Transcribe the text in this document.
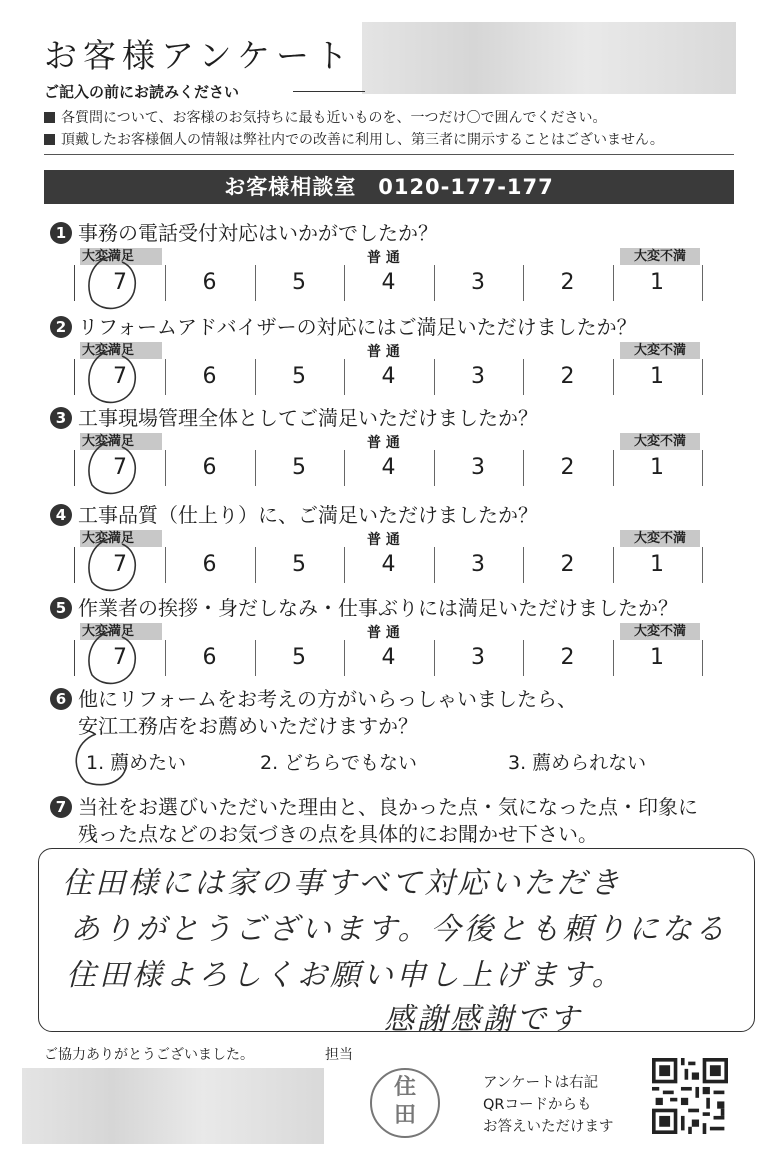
お客様アンケート
ご記入の前にお読みください
各質問について、お客様のお気持ちに最も近いものを、一つだけ〇で囲んでください。
頂戴したお客様個人の情報は弊社内での改善に利用し、第三者に開示することはございません。
お客様相談室　0120-177-177
1 事務の電話受付対応はいかがでしたか？
大変満足	普 通	大変不満
7	6	5	4	3	2	1
2 リフォームアドバイザーの対応にはご満足いただけましたか？
大変満足	普 通	大変不満
7	6	5	4	3	2	1
3 工事現場管理全体としてご満足いただけましたか？
大変満足	普 通	大変不満
7	6	5	4	3	2	1
4 工事品質（仕上り）に、ご満足いただけましたか？
大変満足	普 通	大変不満
7	6	5	4	3	2	1
5 作業者の挨拶・身だしなみ・仕事ぶりには満足いただけましたか？
大変満足	普 通	大変不満
7	6	5	4	3	2	1
6 他にリフォームをお考えの方がいらっしゃいましたら、
安江工務店をお薦めいただけますか？
1. 薦めたい	2. どちらでもない	3. 薦められない
7 当社をお選びいただいた理由と、良かった点・気になった点・印象に
残った点などのお気づきの点を具体的にお聞かせ下さい。
住田様には家の事すべて対応いただき
ありがとうございます。今後とも頼りになる
住田様よろしくお願い申し上げます。
感謝感謝です
ご協力ありがとうございました。	担当
住
田
アンケートは右記
QRコードからも
お答えいただけます
